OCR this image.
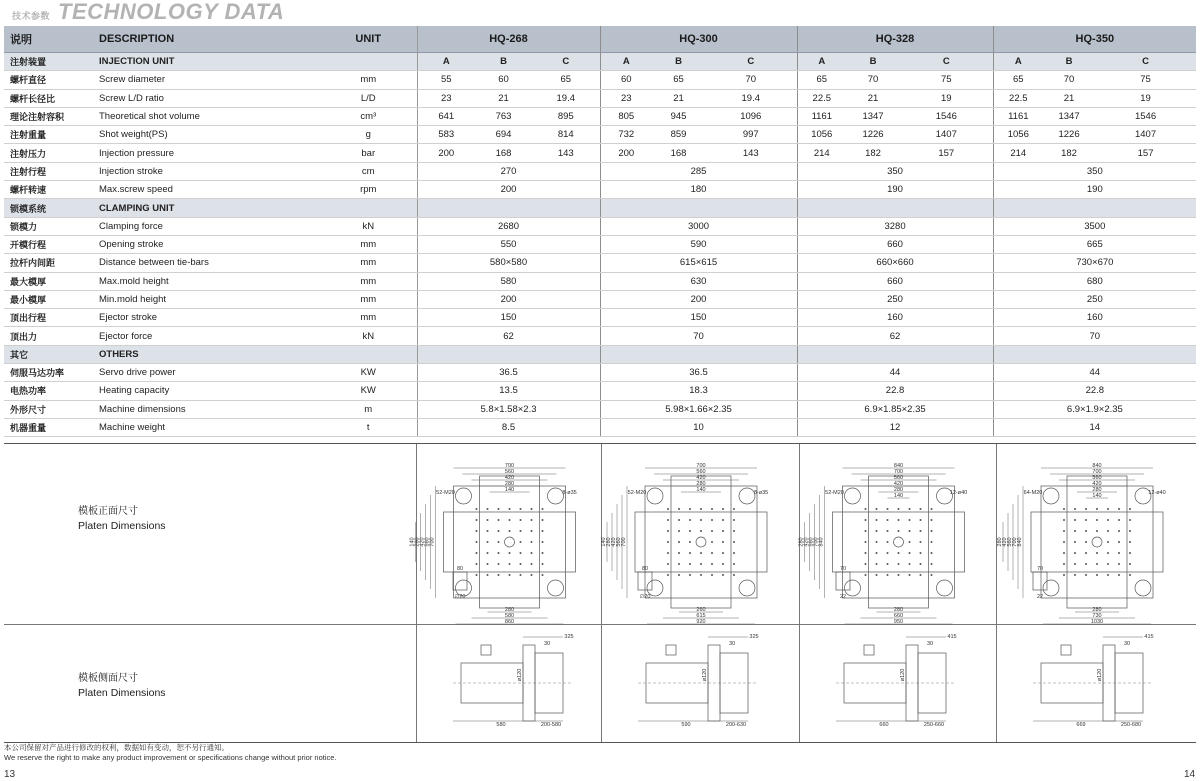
技术参数 TECHNOLOGY DATA
说明	DESCRIPTION	UNIT	HQ-268			HQ-300			HQ-328			HQ-350		
注射装置	INJECTION UNIT		A	B	C	A	B	C	A	B	C	A	B	C
螺杆直径	Screw diameter	mm	55	60	65	60	65	70	65	70	75	65	70	75
螺杆长径比	Screw L/D ratio	L/D	23	21	19.4	23	21	19.4	22.5	21	19	22.5	21	19
理论注射容积	Theoretical shot volume	cm³	641	763	895	805	945	1096	1161	1347	1546	1161	1347	1546
注射重量	Shot weight(PS)	g	583	694	814	732	859	997	1056	1226	1407	1056	1226	1407
注射压力	Injection pressure	bar	200	168	143	200	168	143	214	182	157	214	182	157
注射行程	Injection stroke	cm	270			285			350			350		
螺杆转速	Max.screw speed	rpm	200			180			190			190		
锁模系统	CLAMPING UNIT													
锁模力	Clamping force	kN	2680			3000			3280			3500		
开模行程	Opening stroke	mm	550			590			660			665		
拉杆内间距	Distance between tie-bars	mm	580×580			615×615			660×660			730×670		
最大模厚	Max.mold height	mm	580			630			660			680		
最小模厚	Min.mold height	mm	200			200			250			250		
顶出行程	Ejector stroke	mm	150			150			160			160		
顶出力	Ejector force	kN	62			70			62			70		
其它	OTHERS													
伺服马达功率	Servo drive power	KW	36.5			36.5			44			44		
电热功率	Heating capacity	KW	13.5			18.3			22.8			22.8		
外形尺寸	Machine dimensions	m	5.8×1.58×2.3			5.98×1.66×2.35			6.9×1.85×2.35			6.9×1.9×2.35		
机器重量	Machine weight	t	8.5			10			12			14		
模板正面尺寸
Platen Dimensions
700
560
420
280
140
700
560
420
280
140
280
580
860
52-M20	8-ø35
80
∅20
700
560
420
280
140
700
560
420
280
140
260
615
920
52-M20	8-ø35
80
∅20
840
700
560
420
280
140
840
700
560
420
280
280
660
950
52-M20	12-ø40
70
22
840
700
560
420
280
140
840
700
560
420
280
280
730
1030
64-M20	12-ø40
70
22
模板侧面尺寸
Platen Dimensions
325
30
ø120
580	200-580
325
30
ø120
590	200-630
415
30
ø120
660	250-660
415
30
ø120
669	250-680
本公司保留对产品进行修改的权利，数据如有变动，恕不另行通知。
We reserve the right to make any product improvement or specifications change without prior notice.
13	14
